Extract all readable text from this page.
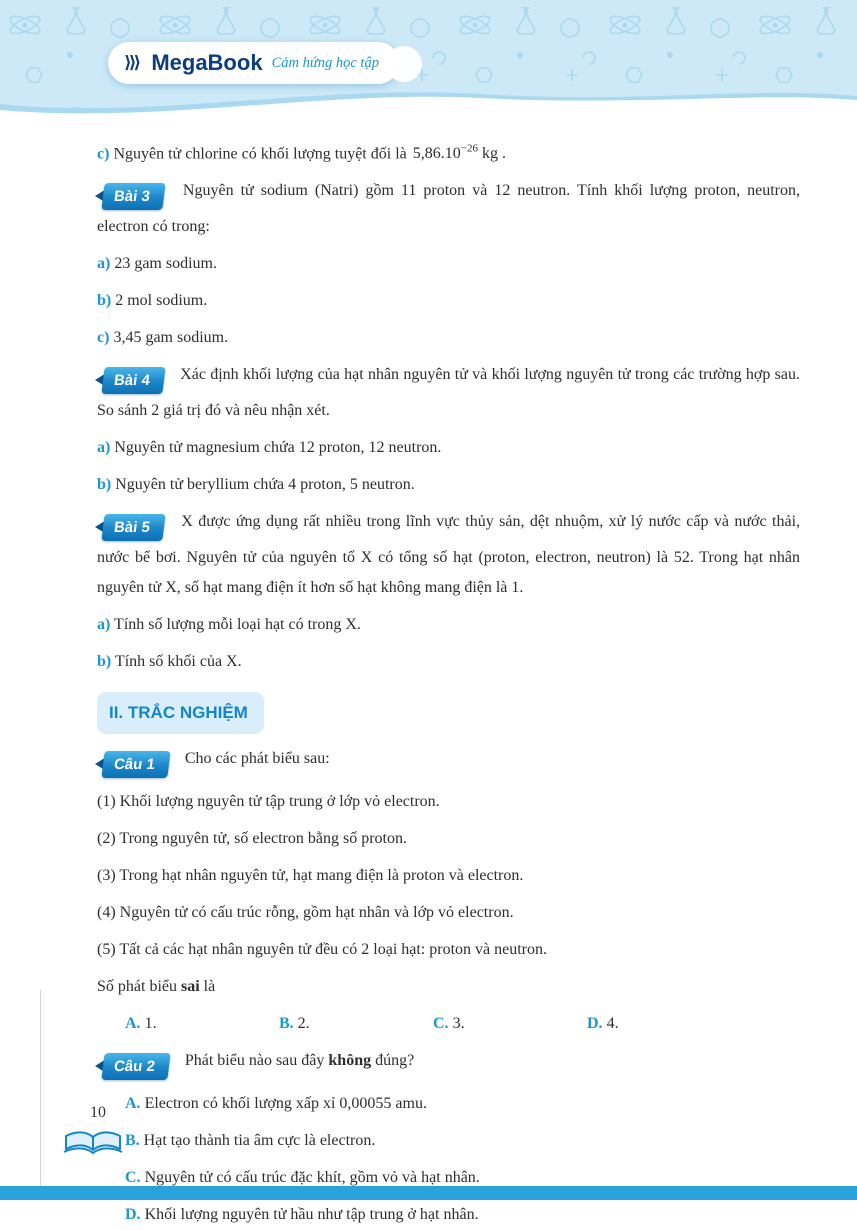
⟩⟩⟩ MegaBook Cảm hứng học tập

c) Nguyên tử chlorine có khối lượng tuyệt đối là $5,86.10^{-26}$ kg .

Bài 3 Nguyên tử sodium (Natri) gồm 11 proton và 12 neutron. Tính khối lượng proton, neutron, electron có trong:

a) 23 gam sodium.

b) 2 mol sodium.

c) 3,45 gam sodium.

Bài 4 Xác định khối lượng của hạt nhân nguyên tử và khối lượng nguyên tử trong các trường hợp sau. So sánh 2 giá trị đó và nêu nhận xét.

a) Nguyên tử magnesium chứa 12 proton, 12 neutron.

b) Nguyên tử beryllium chứa 4 proton, 5 neutron.

Bài 5 X được ứng dụng rất nhiều trong lĩnh vực thủy sản, dệt nhuộm, xử lý nước cấp và nước thải, nước bể bơi. Nguyên tử của nguyên tố X có tổng số hạt (proton, electron, neutron) là 52. Trong hạt nhân nguyên tử X, số hạt mang điện ít hơn số hạt không mang điện là 1.

a) Tính số lượng mỗi loại hạt có trong X.

b) Tính số khối của X.

II. TRẮC NGHIỆM

Câu 1 Cho các phát biểu sau:

(1) Khối lượng nguyên tử tập trung ở lớp vỏ electron.

(2) Trong nguyên tử, số electron bằng số proton.

(3) Trong hạt nhân nguyên tử, hạt mang điện là proton và electron.

(4) Nguyên tử có cấu trúc rỗng, gồm hạt nhân và lớp vỏ electron.

(5) Tất cả các hạt nhân nguyên tử đều có 2 loại hạt: proton và neutron.

Số phát biểu sai là

A. 1.	B. 2.	C. 3.	D. 4.

Câu 2 Phát biểu nào sau đây không đúng?

A. Electron có khối lượng xấp xỉ 0,00055 amu.

B. Hạt tạo thành tia âm cực là electron.

C. Nguyên tử có cấu trúc đặc khít, gồm vỏ và hạt nhân.

D. Khối lượng nguyên tử hầu như tập trung ở hạt nhân.

10
